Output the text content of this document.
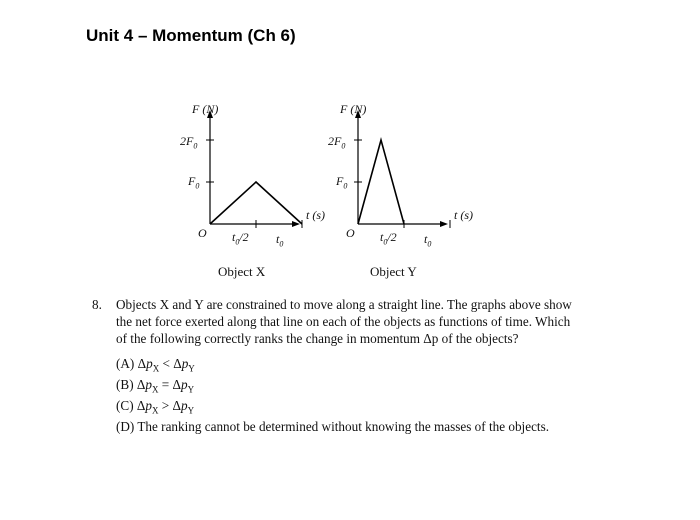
Unit 4 – Momentum (Ch 6)
F (N)
$2F_0$
$F_0$
O $t_0/2$ $t_0$
t (s)
Object X
F (N)
$2F_0$
$F_0$
O $t_0/2$ $t_0$
t (s)
Object Y
8. Objects X and Y are constrained to move along a straight line. The graphs above show the net force exerted along that line on each of the objects as functions of time. Which of the following correctly ranks the change in momentum Δp of the objects?
(A) $\Delta p_X < \Delta p_Y$
(B) $\Delta p_X = \Delta p_Y$
(C) $\Delta p_X > \Delta p_Y$
(D) The ranking cannot be determined without knowing the masses of the objects.
